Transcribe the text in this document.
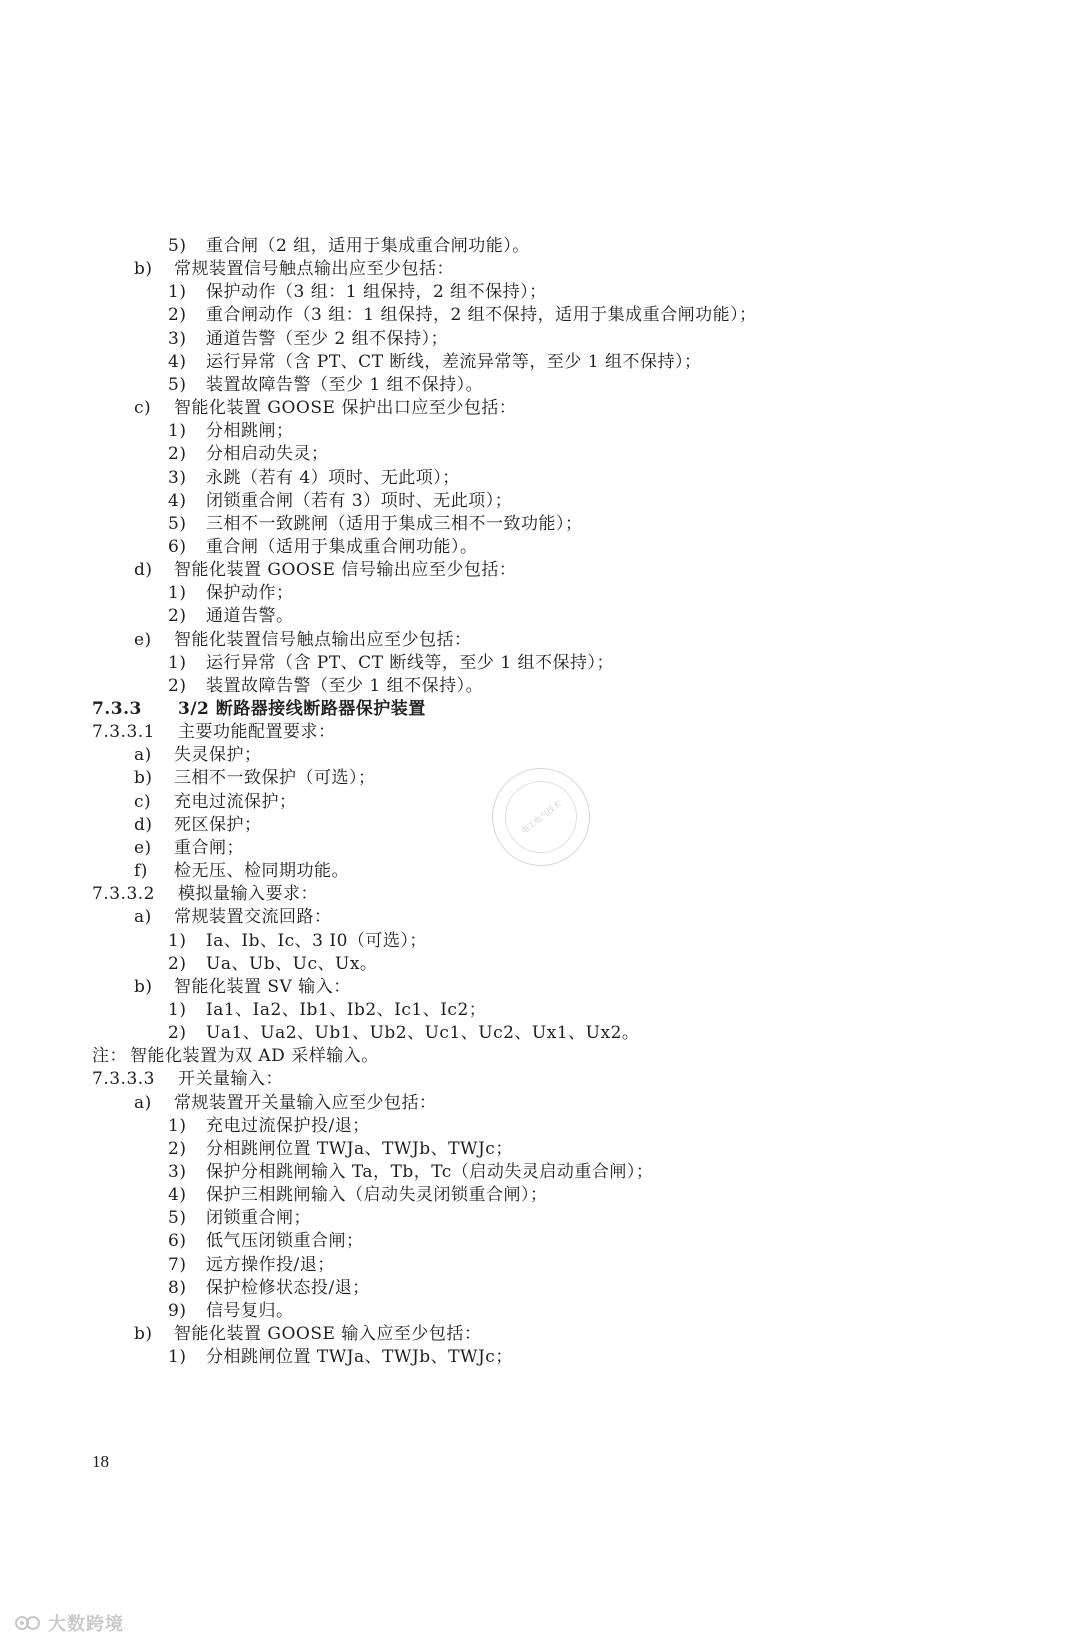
5) 重合闸（2 组，适用于集成重合闸功能）。
b) 常规装置信号触点输出应至少包括：
1) 保护动作（3 组：1 组保持，2 组不保持）；
2) 重合闸动作（3 组：1 组保持，2 组不保持，适用于集成重合闸功能）；
3) 通道告警（至少 2 组不保持）；
4) 运行异常（含 PT、CT 断线，差流异常等，至少 1 组不保持）；
5) 装置故障告警（至少 1 组不保持）。
c) 智能化装置 GOOSE 保护出口应至少包括：
1) 分相跳闸；
2) 分相启动失灵；
3) 永跳（若有 4）项时、无此项）；
4) 闭锁重合闸（若有 3）项时、无此项）；
5) 三相不一致跳闸（适用于集成三相不一致功能）；
6) 重合闸（适用于集成重合闸功能）。
d) 智能化装置 GOOSE 信号输出应至少包括：
1) 保护动作；
2) 通道告警。
e) 智能化装置信号触点输出应至少包括：
1) 运行异常（含 PT、CT 断线等，至少 1 组不保持）；
2) 装置故障告警（至少 1 组不保持）。
7.3.3 3/2 断路器接线断路器保护装置
7.3.3.1 主要功能配置要求：
a) 失灵保护；
b) 三相不一致保护（可选）；
c) 充电过流保护；
d) 死区保护；
e) 重合闸；
f) 检无压、检同期功能。
7.3.3.2 模拟量输入要求：
a) 常规装置交流回路：
1) Ia、Ib、Ic、3 I0（可选）；
2) Ua、Ub、Uc、Ux。
b) 智能化装置 SV 输入：
1) Ia1、Ia2、Ib1、Ib2、Ic1、Ic2；
2) Ua1、Ua2、Ub1、Ub2、Uc1、Uc2、Ux1、Ux2。
注： 智能化装置为双 AD 采样输入。
7.3.3.3 开关量输入：
a) 常规装置开关量输入应至少包括：
1) 充电过流保护投/退；
2) 分相跳闸位置 TWJa、TWJb、TWJc；
3) 保护分相跳闸输入 Ta，Tb，Tc（启动失灵启动重合闸）；
4) 保护三相跳闸输入（启动失灵闭锁重合闸）；
5) 闭锁重合闸；
6) 低气压闭锁重合闸；
7) 远方操作投/退；
8) 保护检修状态投/退；
9) 信号复归。
b) 智能化装置 GOOSE 输入应至少包括：
1) 分相跳闸位置 TWJa、TWJb、TWJc；
电工电气技术
18
大数跨境
